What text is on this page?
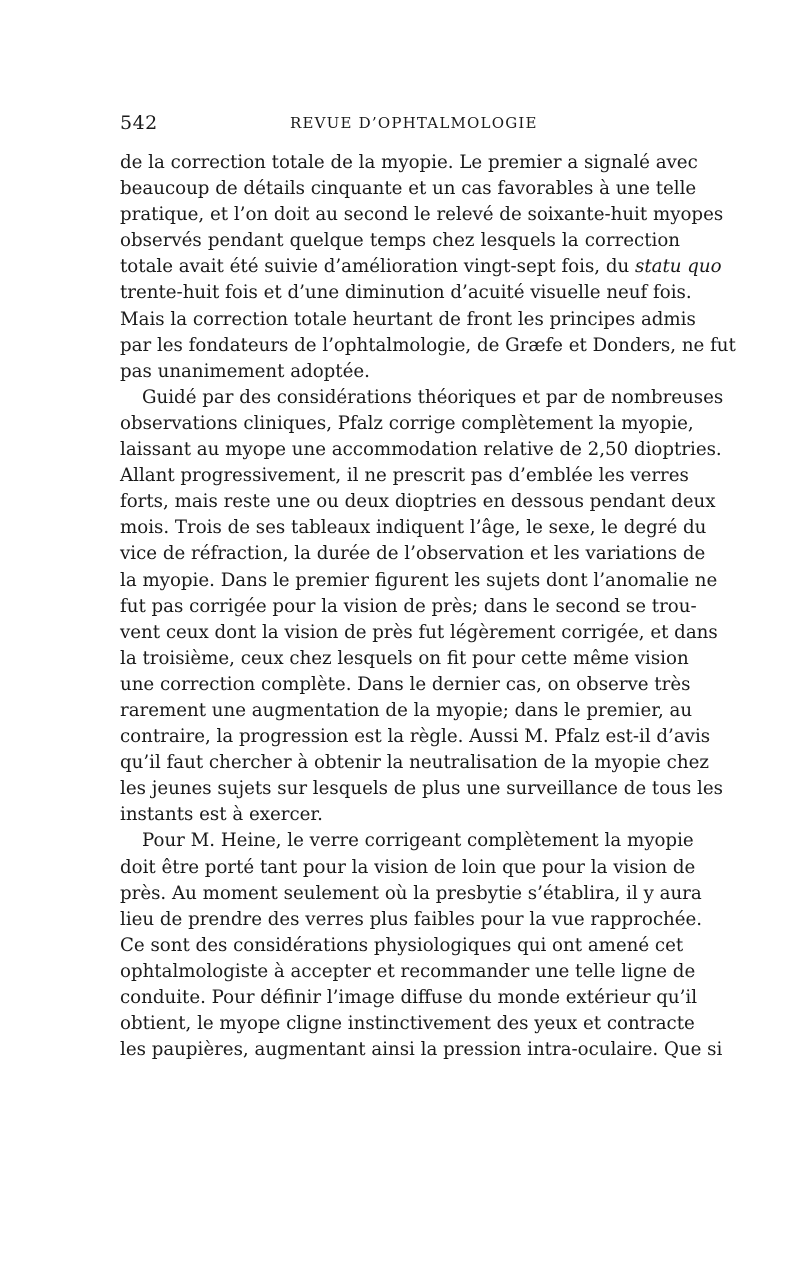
542	REVUE D’OPHTALMOLOGIE
de la correction totale de la myopie. Le premier a signalé avec
beaucoup de détails cinquante et un cas favorables à une telle
pratique, et l’on doit au second le relevé de soixante-huit myopes
observés pendant quelque temps chez lesquels la correction
totale avait été suivie d’amélioration vingt-sept fois, du statu quo
trente-huit fois et d’une diminution d’acuité visuelle neuf fois.
Mais la correction totale heurtant de front les principes admis
par les fondateurs de l’ophtalmologie, de Græfe et Donders, ne fut
pas unanimement adoptée.
Guidé par des considérations théoriques et par de nombreuses
observations cliniques, Pfalz corrige complètement la myopie,
laissant au myope une accommodation relative de 2,50 dioptries.
Allant progressivement, il ne prescrit pas d’emblée les verres
forts, mais reste une ou deux dioptries en dessous pendant deux
mois. Trois de ses tableaux indiquent l’âge, le sexe, le degré du
vice de réfraction, la durée de l’observation et les variations de
la myopie. Dans le premier figurent les sujets dont l’anomalie ne
fut pas corrigée pour la vision de près; dans le second se trou-
vent ceux dont la vision de près fut légèrement corrigée, et dans
la troisième, ceux chez lesquels on fit pour cette même vision
une correction complète. Dans le dernier cas, on observe très
rarement une augmentation de la myopie; dans le premier, au
contraire, la progression est la règle. Aussi M. Pfalz est-il d’avis
qu’il faut chercher à obtenir la neutralisation de la myopie chez
les jeunes sujets sur lesquels de plus une surveillance de tous les
instants est à exercer.
Pour M. Heine, le verre corrigeant complètement la myopie
doit être porté tant pour la vision de loin que pour la vision de
près. Au moment seulement où la presbytie s’établira, il y aura
lieu de prendre des verres plus faibles pour la vue rapprochée.
Ce sont des considérations physiologiques qui ont amené cet
ophtalmologiste à accepter et recommander une telle ligne de
conduite. Pour définir l’image diffuse du monde extérieur qu’il
obtient, le myope cligne instinctivement des yeux et contracte
les paupières, augmentant ainsi la pression intra-oculaire. Que si
